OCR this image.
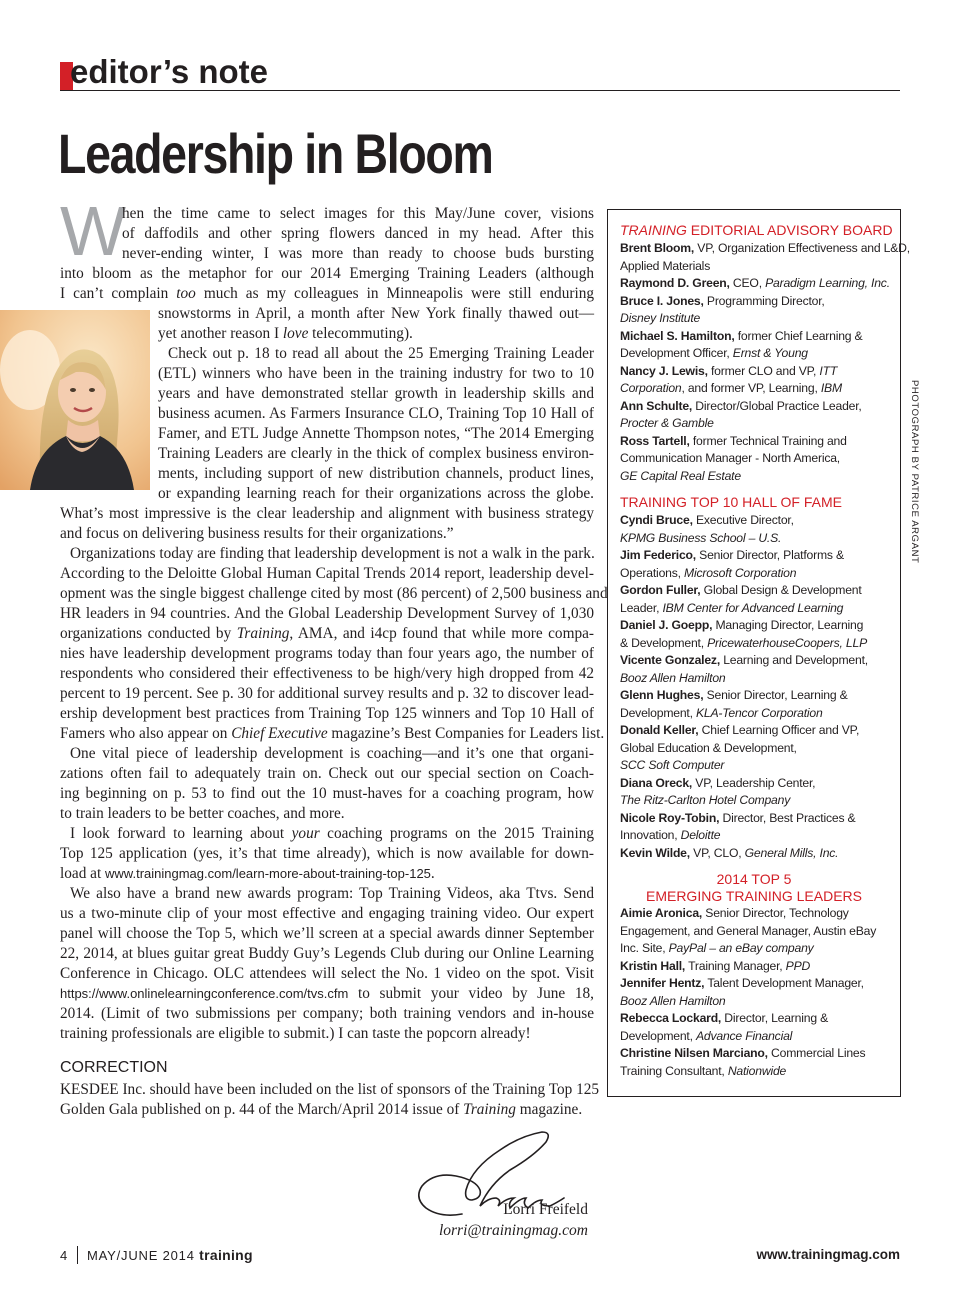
editor’s note
Leadership in Bloom
W
hen the time came to select images for this May/June cover, visions
of daffodils and other spring flowers danced in my head. After this
never-ending winter, I was more than ready to choose buds bursting
into bloom as the metaphor for our 2014 Emerging Training Leaders (although
I can’t complain too much as my colleagues in Minneapolis were still enduring
snowstorms in April, a month after New York finally thawed out—
yet another reason I love telecommuting).
Check out p. 18 to read all about the 25 Emerging Training Leader
(ETL) winners who have been in the training industry for two to 10
years and have demonstrated stellar growth in leadership skills and
business acumen. As Farmers Insurance CLO, Training Top 10 Hall of
Famer, and ETL Judge Annette Thompson notes, “The 2014 Emerging
Training Leaders are clearly in the thick of complex business environ-
ments, including support of new distribution channels, product lines,
or expanding learning reach for their organizations across the globe.
What’s most impressive is the clear leadership and alignment with business strategy
and focus on delivering business results for their organizations.”
Organizations today are finding that leadership development is not a walk in the park.
According to the Deloitte Global Human Capital Trends 2014 report, leadership devel-
opment was the single biggest challenge cited by most (86 percent) of 2,500 business and
HR leaders in 94 countries. And the Global Leadership Development Survey of 1,030
organizations conducted by Training, AMA, and i4cp found that while more compa-
nies have leadership development programs today than four years ago, the number of
respondents who considered their effectiveness to be high/very high dropped from 42
percent to 19 percent. See p. 30 for additional survey results and p. 32 to discover lead-
ership development best practices from Training Top 125 winners and Top 10 Hall of
Famers who also appear on Chief Executive magazine’s Best Companies for Leaders list.
One vital piece of leadership development is coaching—and it’s one that organi-
zations often fail to adequately train on. Check out our special section on Coach-
ing beginning on p. 53 to find out the 10 must-haves for a coaching program, how
to train leaders to be better coaches, and more.
I look forward to learning about your coaching programs on the 2015 Training
Top 125 application (yes, it’s that time already), which is now available for down-
load at www.trainingmag.com/learn-more-about-training-top-125.
We also have a brand new awards program: Top Training Videos, aka Ttvs. Send
us a two-minute clip of your most effective and engaging training video. Our expert
panel will choose the Top 5, which we’ll screen at a special awards dinner September
22, 2014, at blues guitar great Buddy Guy’s Legends Club during our Online Learning
Conference in Chicago. OLC attendees will select the No. 1 video on the spot. Visit
https://www.onlinelearningconference.com/tvs.cfm to submit your video by June 18,
2014. (Limit of two submissions per company; both training vendors and in-house
training professionals are eligible to submit.) I can taste the popcorn already!
CORRECTION
KESDEE Inc. should have been included on the list of sponsors of the Training Top 125
Golden Gala published on p. 44 of the March/April 2014 issue of Training magazine.
TRAINING EDITORIAL ADVISORY BOARD
Brent Bloom, VP, Organization Effectiveness and L&D,
Applied Materials
Raymond D. Green, CEO, Paradigm Learning, Inc.
Bruce I. Jones, Programming Director,
Disney Institute
Michael S. Hamilton, former Chief Learning &
Development Officer, Ernst & Young
Nancy J. Lewis, former CLO and VP, ITT
Corporation, and former VP, Learning, IBM
Ann Schulte, Director/Global Practice Leader,
Procter & Gamble
Ross Tartell, former Technical Training and
Communication Manager - North America,
GE Capital Real Estate
TRAINING TOP 10 HALL OF FAME
Cyndi Bruce, Executive Director,
KPMG Business School – U.S.
Jim Federico, Senior Director, Platforms &
Operations, Microsoft Corporation
Gordon Fuller, Global Design & Development
Leader, IBM Center for Advanced Learning
Daniel J. Goepp, Managing Director, Learning
& Development, PricewaterhouseCoopers, LLP
Vicente Gonzalez, Learning and Development,
Booz Allen Hamilton
Glenn Hughes, Senior Director, Learning &
Development, KLA-Tencor Corporation
Donald Keller, Chief Learning Officer and VP,
Global Education & Development,
SCC Soft Computer
Diana Oreck, VP, Leadership Center,
The Ritz-Carlton Hotel Company
Nicole Roy-Tobin, Director, Best Practices &
Innovation, Deloitte
Kevin Wilde, VP, CLO, General Mills, Inc.
2014 TOP 5
EMERGING TRAINING LEADERS
Aimie Aronica, Senior Director, Technology
Engagement, and General Manager, Austin eBay
Inc. Site, PayPal – an eBay company
Kristin Hall, Training Manager, PPD
Jennifer Hentz, Talent Development Manager,
Booz Allen Hamilton
Rebecca Lockard, Director, Learning &
Development, Advance Financial
Christine Nilsen Marciano, Commercial Lines
Training Consultant, Nationwide
PHOTOGRAPH BY PATRICE ARGANT
Lorri Freifeld
lorri@trainingmag.com
4 MAY/JUNE 2014 training	www.trainingmag.com
